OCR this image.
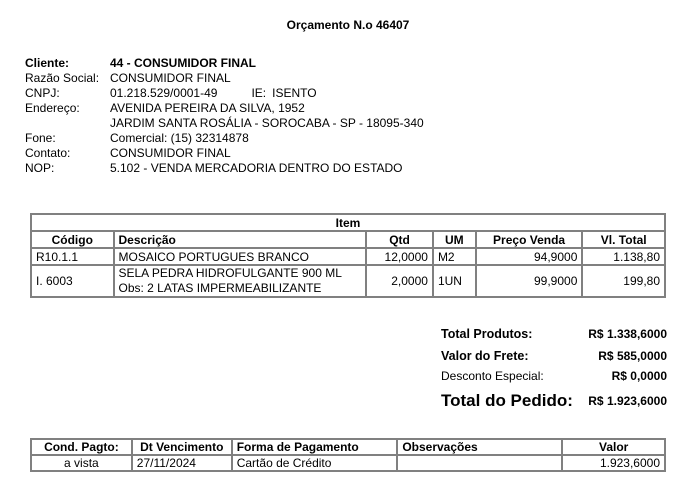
Orçamento N.o 46407
Cliente:	44 - CONSUMIDOR FINAL
Razão Social: CONSUMIDOR FINAL
CNPJ:	01.218.529/0001-49	IE: ISENTO
Endereço:	AVENIDA PEREIRA DA SILVA, 1952
JARDIM SANTA ROSÁLIA - SOROCABA - SP - 18095-340
Fone:	Comercial: (15) 32314878
Contato:	CONSUMIDOR FINAL
NOP:	5.102 - VENDA MERCADORIA DENTRO DO ESTADO
Item					
Código	Descrição	Qtd	UM	Preço Venda	Vl. Total
R10.1.1	MOSAICO PORTUGUES BRANCO	12,0000	M2	94,9000	1.138,80
I. 6003	SELA PEDRA HIDROFULGANTE 900 ML
Obs: 2 LATAS IMPERMEABILIZANTE	2,0000	1UN	99,9000	199,80
Total Produtos:	R$ 1.338,6000
Valor do Frete:	R$ 585,0000
Desconto Especial:	R$ 0,0000
Total do Pedido: R$ 1.923,6000
Cond. Pagto:	Dt Vencimento	Forma de Pagamento	Observações	Valor
a vista	27/11/2024	Cartão de Crédito		1.923,6000
